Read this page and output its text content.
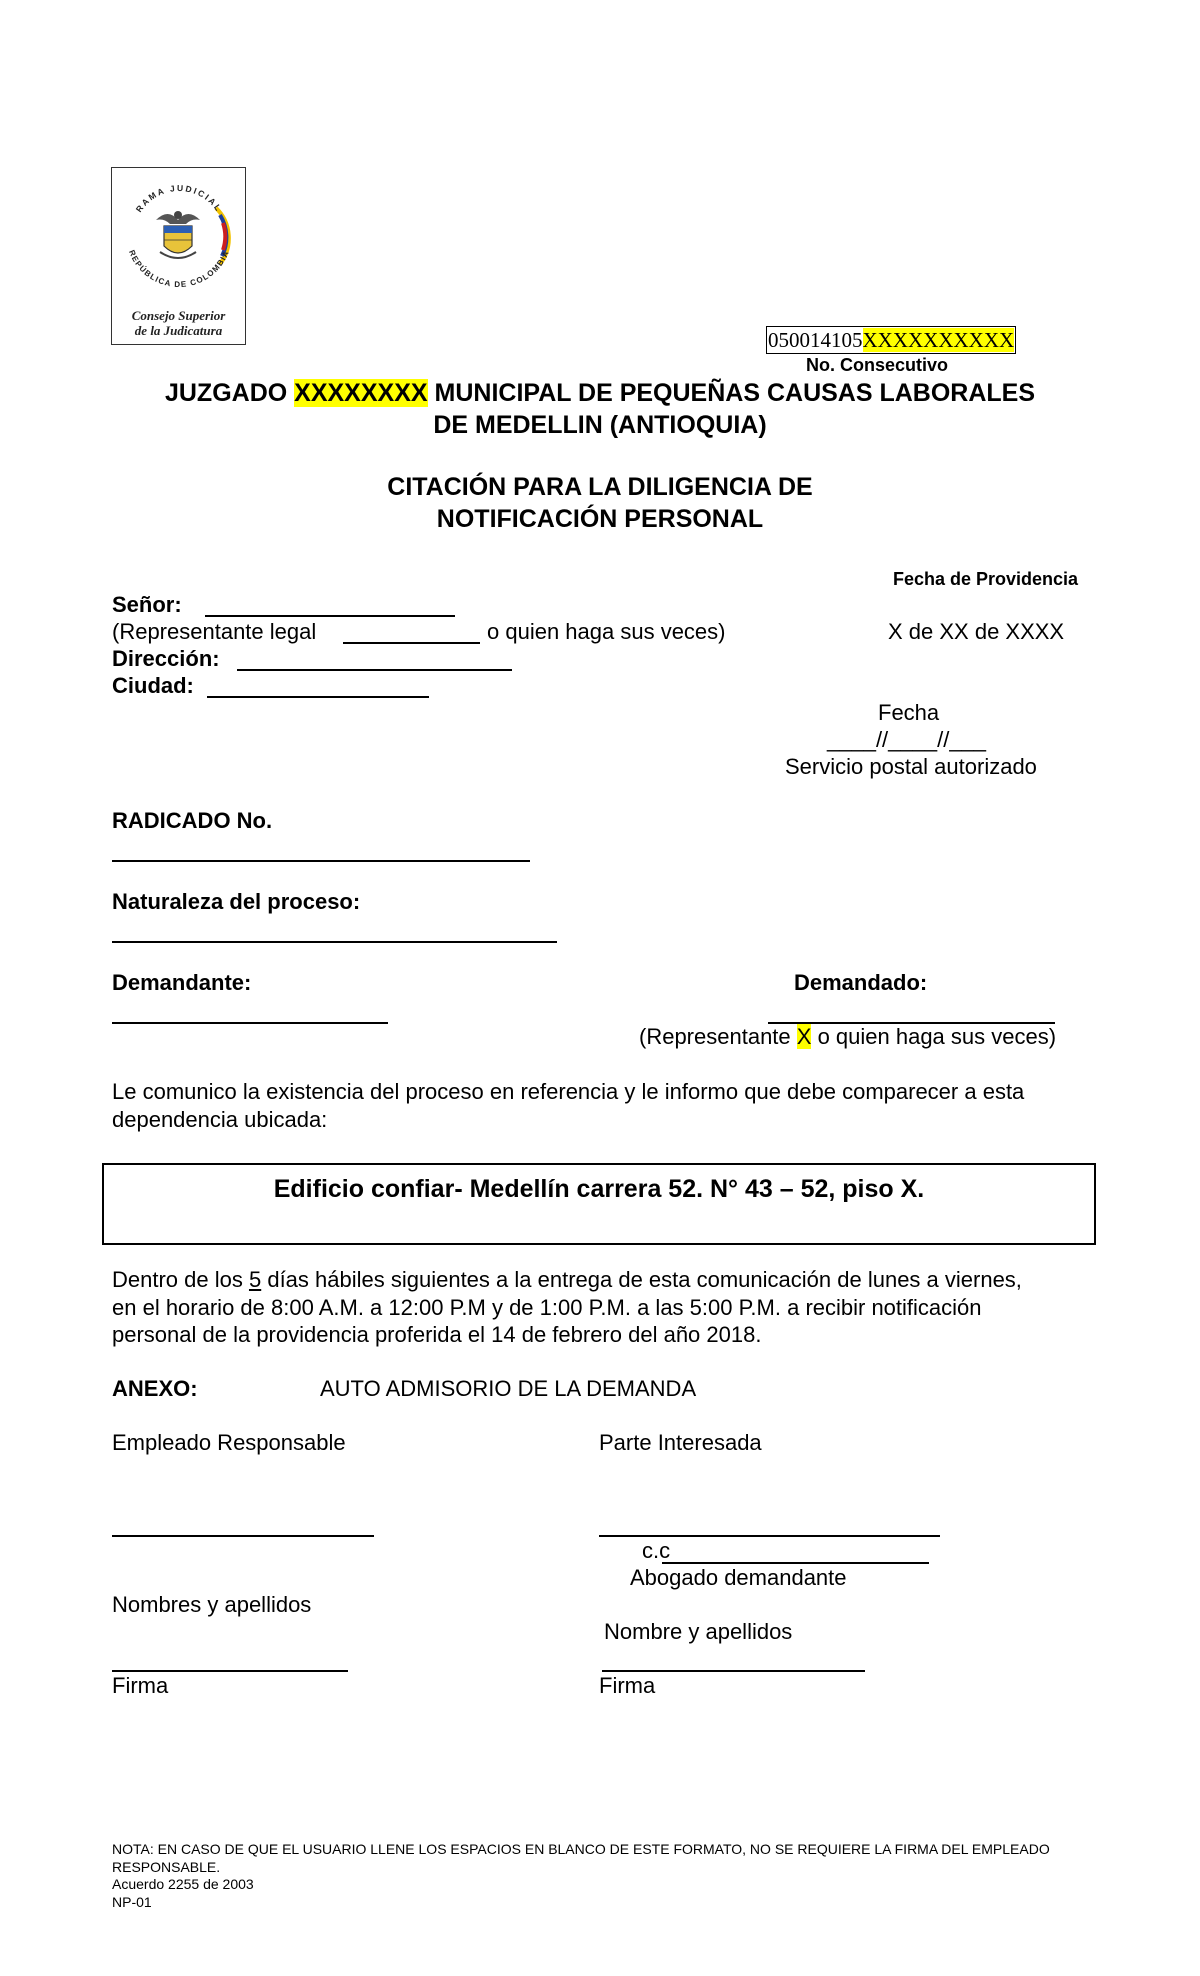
RAMA JUDICIAL
REPÚBLICA DE COLOMBIA
Consejo Superior
de la Judicatura	050014105XXXXXXXXXX
No. Consecutivo
JUZGADO XXXXXXXX MUNICIPAL DE PEQUEÑAS CAUSAS LABORALES
DE MEDELLIN (ANTIOQUIA)
CITACIÓN PARA LA DILIGENCIA DE
NOTIFICACIÓN PERSONAL
Fecha de Providencia
X de XX de XXXX
Señor:
(Representante legal	o quien haga sus veces)
Dirección:
Ciudad:
Fecha
____//____//___
Servicio postal autorizado
RADICADO No.
Naturaleza del proceso:
Demandante:	Demandado:
(Representante X o quien haga sus veces)
Le comunico la existencia del proceso en referencia y le informo que debe comparecer a esta dependencia ubicada:
Edificio confiar- Medellín carrera 52. N° 43 – 52, piso X.
Dentro de los 5 días hábiles siguientes a la entrega de esta comunicación de lunes a viernes,
en el horario de 8:00 A.M. a 12:00 P.M y de 1:00 P.M. a las 5:00 P.M. a recibir notificación
personal de la providencia proferida el 14 de febrero del año 2018.
ANEXO:	AUTO ADMISORIO DE LA DEMANDA
Empleado Responsable	Parte Interesada
c.c
Abogado demandante
Nombres y apellidos
Nombre y apellidos
Firma	Firma
NOTA: EN CASO DE QUE EL USUARIO LLENE LOS ESPACIOS EN BLANCO DE ESTE FORMATO, NO SE REQUIERE LA FIRMA DEL EMPLEADO RESPONSABLE.
Acuerdo 2255 de 2003
NP-01
